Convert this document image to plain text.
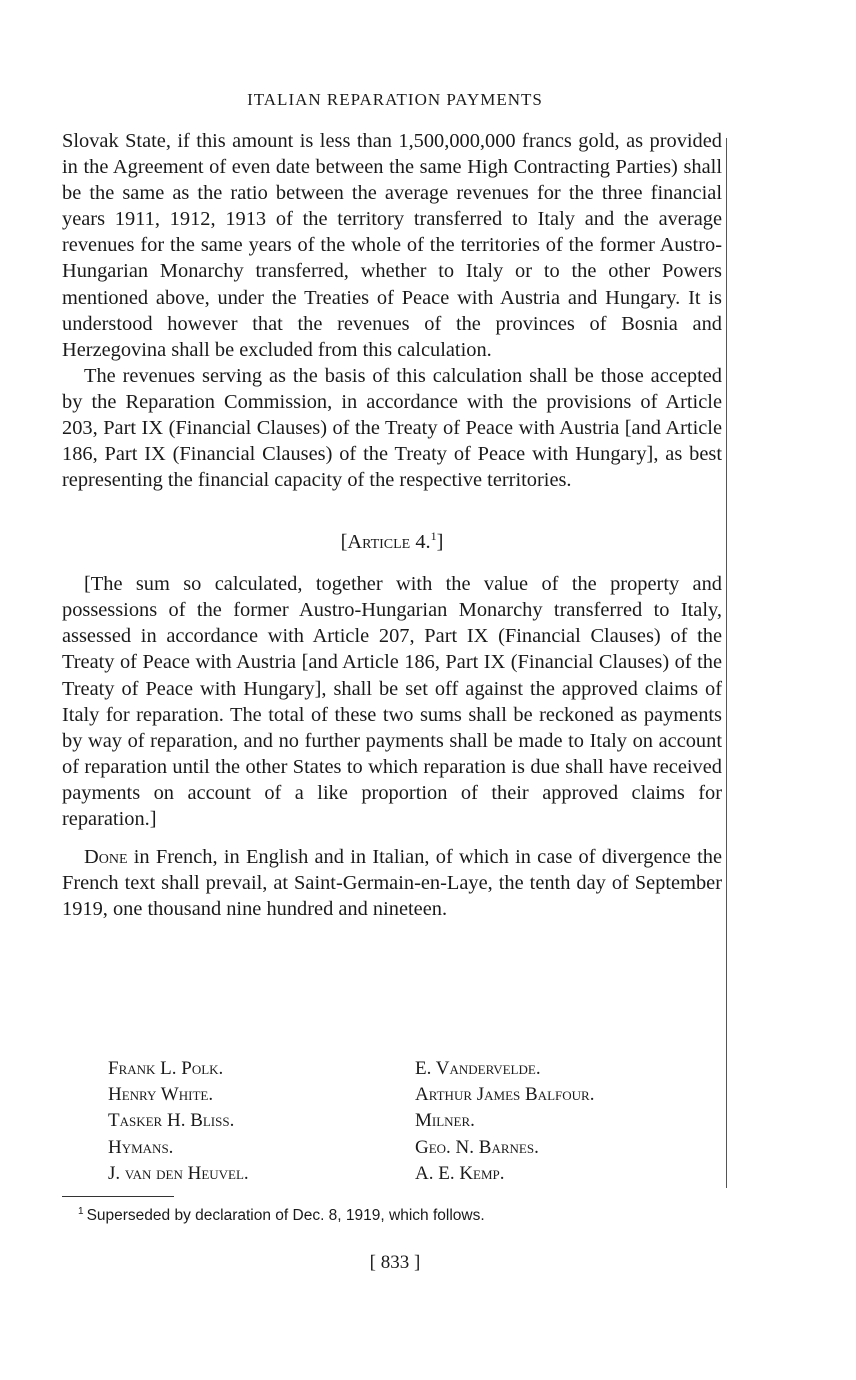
ITALIAN REPARATION PAYMENTS

Slovak State, if this amount is less than 1,500,000,000 francs gold, as provided in the Agreement of even date between the same High Contracting Parties) shall be the same as the ratio between the average revenues for the three financial years 1911, 1912, 1913 of the territory transferred to Italy and the average revenues for the same years of the whole of the territories of the former Austro-Hungarian Monarchy transferred, whether to Italy or to the other Powers mentioned above, under the Treaties of Peace with Austria and Hungary. It is understood however that the revenues of the provinces of Bosnia and Herzegovina shall be excluded from this calculation.

The revenues serving as the basis of this calculation shall be those accepted by the Reparation Commission, in accordance with the provisions of Article 203, Part IX (Financial Clauses) of the Treaty of Peace with Austria [and Article 186, Part IX (Financial Clauses) of the Treaty of Peace with Hungary], as best representing the financial capacity of the respective territories.

[Article 4.$^1$]

[The sum so calculated, together with the value of the property and possessions of the former Austro-Hungarian Monarchy transferred to Italy, assessed in accordance with Article 207, Part IX (Financial Clauses) of the Treaty of Peace with Austria [and Article 186, Part IX (Financial Clauses) of the Treaty of Peace with Hungary], shall be set off against the approved claims of Italy for reparation. The total of these two sums shall be reckoned as payments by way of reparation, and no further payments shall be made to Italy on account of reparation until the other States to which reparation is due shall have received payments on account of a like proportion of their approved claims for reparation.]

Done in French, in English and in Italian, of which in case of divergence the French text shall prevail, at Saint-Germain-en-Laye, the tenth day of September 1919, one thousand nine hundred and nineteen.

Frank L. Polk.
Henry White.
Tasker H. Bliss.
Hymans.
J. van den Heuvel.
E. Vandervelde.
Arthur James Balfour.
Milner.
Geo. N. Barnes.
A. E. Kemp.
$^1$ Superseded by declaration of Dec. 8, 1919, which follows.
[ 833 ]
